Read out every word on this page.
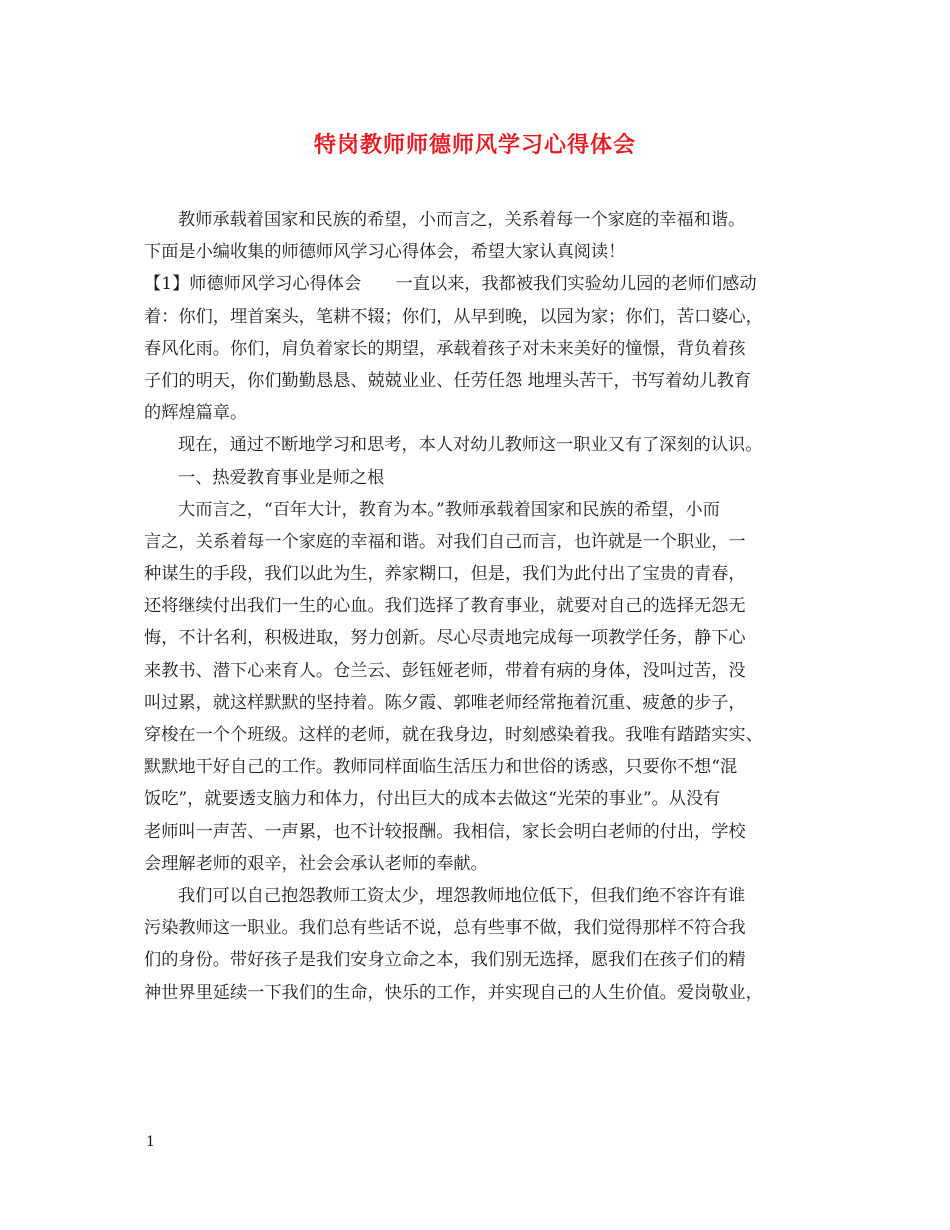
特岗教师师德师风学习心得体会
教师承载着国家和民族的希望，小而言之，关系着每一个家庭的幸福和谐。
下面是小编收集的师德师风学习心得体会，希望大家认真阅读！
【1】师德师风学习心得体会　　一直以来，我都被我们实验幼儿园的老师们感动
着：你们，埋首案头，笔耕不辍；你们，从早到晚，以园为家；你们，苦口婆心，
春风化雨。你们，肩负着家长的期望，承载着孩子对未来美好的憧憬，背负着孩
子们的明天，你们勤勤恳恳、兢兢业业、任劳任怨 地埋头苦干，书写着幼儿教育
的辉煌篇章。
现在，通过不断地学习和思考，本人对幼儿教师这一职业又有了深刻的认识。
一、热爱教育事业是师之根
大而言之，“百年大计，教育为本。”教师承载着国家和民族的希望，小而
言之，关系着每一个家庭的幸福和谐。对我们自己而言，也许就是一个职业，一
种谋生的手段，我们以此为生，养家糊口，但是，我们为此付出了宝贵的青春，
还将继续付出我们一生的心血。我们选择了教育事业，就要对自己的选择无怨无
悔，不计名利，积极进取，努力创新。尽心尽责地完成每一项教学任务，静下心
来教书、潜下心来育人。仓兰云、彭钰娅老师，带着有病的身体，没叫过苦，没
叫过累，就这样默默的坚持着。陈夕霞、郭唯老师经常拖着沉重、疲惫的步子，
穿梭在一个个班级。这样的老师，就在我身边，时刻感染着我。我唯有踏踏实实、
默默地干好自己的工作。教师同样面临生活压力和世俗的诱惑，只要你不想“混
饭吃”，就要透支脑力和体力，付出巨大的成本去做这“光荣的事业”。从没有
老师叫一声苦、一声累，也不计较报酬。我相信，家长会明白老师的付出，学校
会理解老师的艰辛，社会会承认老师的奉献。
我们可以自己抱怨教师工资太少，埋怨教师地位低下，但我们绝不容许有谁
污染教师这一职业。我们总有些话不说，总有些事不做，我们觉得那样不符合我
们的身份。带好孩子是我们安身立命之本，我们别无选择，愿我们在孩子们的精
神世界里延续一下我们的生命，快乐的工作，并实现自己的人生价值。爱岗敬业，
1
